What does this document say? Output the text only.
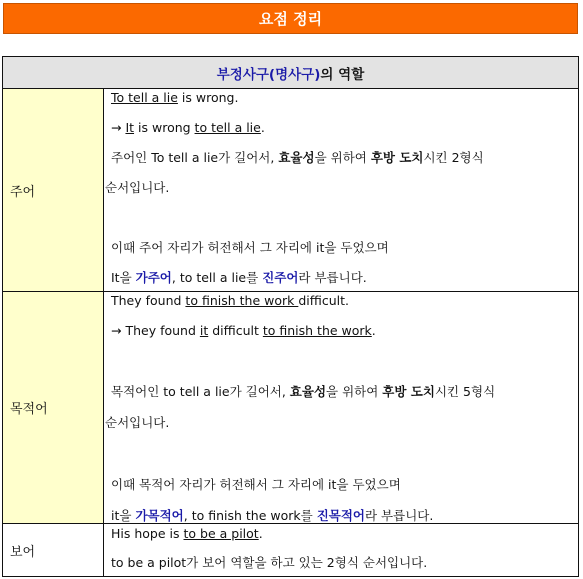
요점 정리
부정사구(명사구) 의 역할
주어
To tell a lie is wrong.
→ It is wrong to tell a lie.
주어인 To tell a lie가 길어서, 효율성을 위하여 후방 도치시킨 2형식
순서입니다.
이때 주어 자리가 허전해서 그 자리에 it을 두었으며
It을 가주어, to tell a lie를 진주어라 부릅니다.
목적어
They found to finish the work difficult.
→ They found it difficult to finish the work.
목적어인 to tell a lie가 길어서, 효율성을 위하여 후방 도치시킨 5형식
순서입니다.
이때 목적어 자리가 허전해서 그 자리에 it을 두었으며
it을 가목적어, to finish the work를 진목적어라 부릅니다.
보어
His hope is to be a pilot.
to be a pilot가 보어 역할을 하고 있는 2형식 순서입니다.
